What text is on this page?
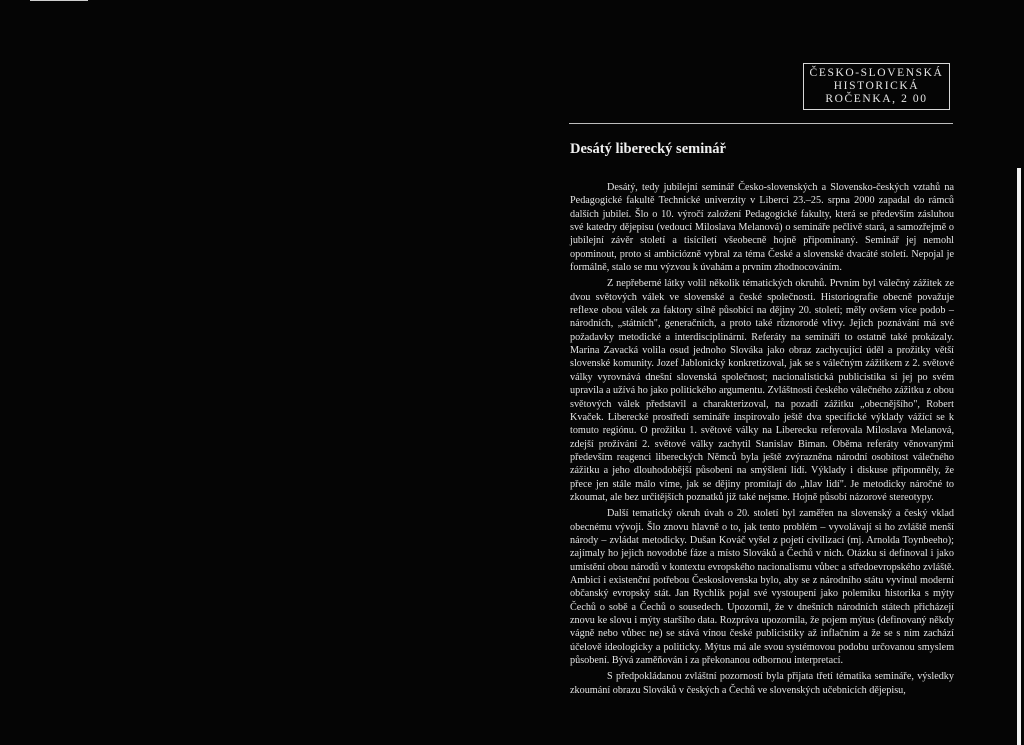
ČESKO-SLOVENSKÁ
HISTORICKÁ
ROČENKA, 2 00
Desátý liberecký seminář

Desátý, tedy jubilejní seminář Česko-slovenských a Slovensko-českých vztahů na Pedagogické fakultě Technické univerzity v Liberci 23.–25. srpna 2000 zapadal do rámců dalších jubileí. Šlo o 10. výročí založení Pedagogické fakulty, která se především zásluhou své katedry dějepisu (vedoucí Miloslava Melanová) o semináře pečlivě stará, a samozřejmě o jubilejní závěr století a tisíciletí všeobecně hojně připomínaný. Seminář jej nemohl opominout, proto si ambiciózně vybral za téma České a slovenské dvacáté století. Nepojal je formálně, stalo se mu výzvou k úvahám a prvním zhodnocováním.

Z nepřeberné látky volil několik tématických okruhů. Prvním byl válečný zážitek ze dvou světových válek ve slovenské a české společnosti. Historiografie obecně považuje reflexe obou válek za faktory silně působící na dějiny 20. století; měly ovšem více podob – národních, „státních", generačních, a proto také různorodé vlivy. Jejich poznávání má své požadavky metodické a interdisciplinární. Referáty na semináři to ostatně také prokázaly. Marína Zavacká volila osud jednoho Slováka jako obraz zachycující úděl a prožitky větší slovenské komunity. Jozef Jablonický konkretizoval, jak se s válečným zážitkem z 2. světové války vyrovnává dnešní slovenská společnost; nacionalistická publicistika si jej po svém upravila a užívá ho jako politického argumentu. Zvláštnosti českého válečného zážitku z obou světových válek představil a charakterizoval, na pozadí zážitku „obecnějšího", Robert Kvaček. Liberecké prostředí semináře inspirovalo ještě dva specifické výklady vážící se k tomuto regiónu. O prožitku 1. světové války na Liberecku referovala Miloslava Melanová, zdejší prožívání 2. světové války zachytil Stanislav Biman. Oběma referáty věnovanými především reagenci libereckých Němců byla ještě zvýrazněna národní osobitost válečného zážitku a jeho dlouhodobější působení na smýšlení lidí. Výklady i diskuse připomněly, že přece jen stále málo víme, jak se dějiny promítají do „hlav lidí". Je metodicky náročné to zkoumat, ale bez určitějších poznatků již také nejsme. Hojně působí názorové stereotypy.

Další tematický okruh úvah o 20. století byl zaměřen na slovenský a český vklad obecnému vývoji. Šlo znovu hlavně o to, jak tento problém – vyvolávají si ho zvláště menší národy – zvládat metodicky. Dušan Kováč vyšel z pojetí civilizací (mj. Arnolda Toynbeeho); zajímaly ho jejich novodobé fáze a místo Slováků a Čechů v nich. Otázku si definoval i jako umístění obou národů v kontextu evropského nacionalismu vůbec a středoevropského zvláště. Ambicí i existenční potřebou Československa bylo, aby se z národního státu vyvinul moderní občanský evropský stát. Jan Rychlík pojal své vystoupení jako polemiku historika s mýty Čechů o sobě a Čechů o sousedech. Upozornil, že v dnešních národních státech přicházejí znovu ke slovu i mýty staršího data. Rozpráva upozornila, že pojem mýtus (definovaný někdy vágně nebo vůbec ne) se stává vínou české publicistiky až inflačním a že se s ním zachází účelově ideologicky a politicky. Mýtus má ale svou systémovou podobu určovanou smyslem působení. Bývá zaměňován i za překonanou odbornou interpretací.

S předpokládanou zvláštní pozorností byla přijata třetí tématika semináře, výsledky zkoumání obrazu Slováků v českých a Čechů ve slovenských učebnicích dějepisu,
